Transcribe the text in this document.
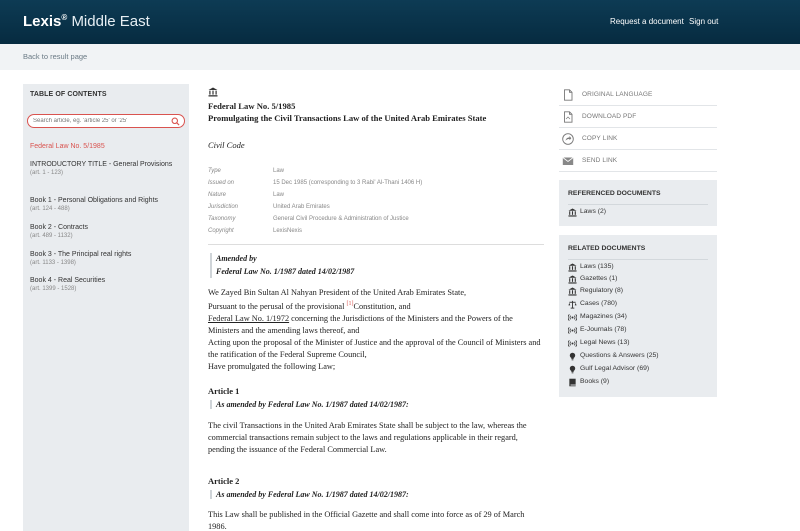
Lexis® Middle East	Request a document Sign out
Back to result page
TABLE OF CONTENTS
Search article, eg. 'article 25' or '25'
Federal Law No. 5/1985
INTRODUCTORY TITLE - General Provisions
(art. 1 - 123)
Book 1 - Personal Obligations and Rights
(art. 124 - 488)
Book 2 - Contracts
(art. 489 - 1132)
Book 3 - The Principal real rights
(art. 1133 - 1398)
Book 4 - Real Securities
(art. 1399 - 1528)
Federal Law No. 5/1985
Promulgating the Civil Transactions Law of the United Arab Emirates State
Civil Code
Type	Law
Issued on	15 Dec 1985 (corresponding to 3 Rabi' Al-Thani 1406 H)
Nature	Law
Jurisdiction	United Arab Emirates
Taxonomy	General Civil Procedure & Administration of Justice
Copyright	LexisNexis
Amended by
Federal Law No. 1/1987 dated 14/02/1987
We Zayed Bin Sultan Al Nahyan President of the United Arab Emirates State,
Pursuant to the perusal of the provisional [1]Constitution, and
Federal Law No. 1/1972 concerning the Jurisdictions of the Ministers and the Powers of the Ministers and the amending laws thereof, and
Acting upon the proposal of the Minister of Justice and the approval of the Council of Ministers and the ratification of the Federal Supreme Council,
Have promulgated the following Law;
Article 1
As amended by Federal Law No. 1/1987 dated 14/02/1987:
The civil Transactions in the United Arab Emirates State shall be subject to the law, whereas the commercial transactions remain subject to the laws and regulations applicable in their regard, pending the issuance of the Federal Commercial Law.
Article 2
As amended by Federal Law No. 1/1987 dated 14/02/1987:
This Law shall be published in the Official Gazette and shall come into force as of 29 of March 1986.
ORIGINAL LANGUAGE
DOWNLOAD PDF
COPY LINK
SEND LINK
REFERENCED DOCUMENTS
Laws (2)
RELATED DOCUMENTS
Laws (135)
Gazettes (1)
Regulatory (8)
Cases (780)
Magazines (34)
E-Journals (78)
Legal News (13)
Questions & Answers (25)
Gulf Legal Advisor (69)
Books (9)
